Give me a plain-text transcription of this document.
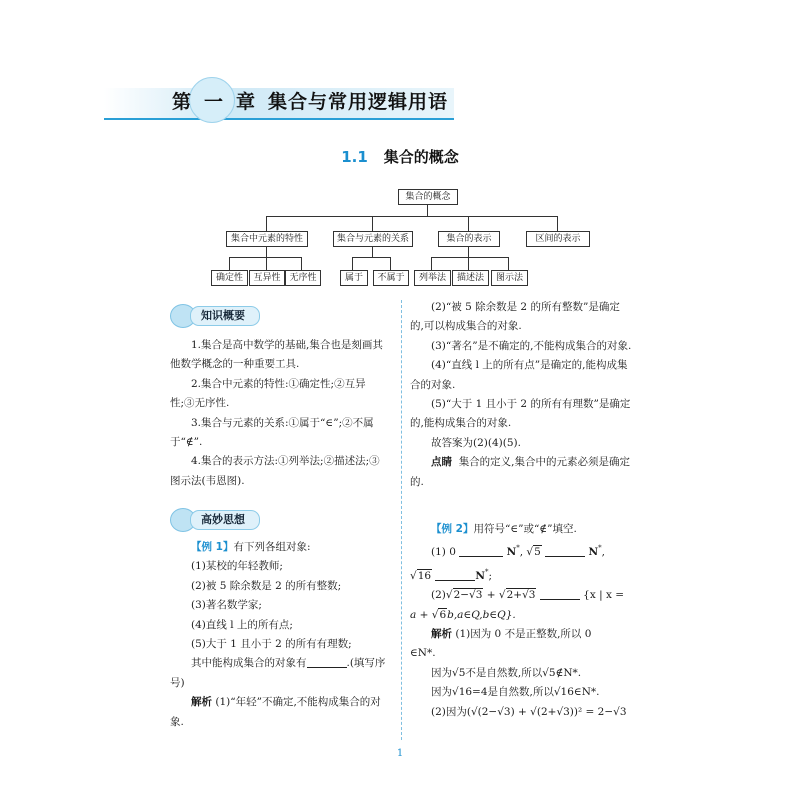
第 一 章 集合与常用逻辑用语
1.1 集合的概念
集合的概念
集合中元素的特性	集合与元素的关系	集合的表示	区间的表示
确定性	互异性 无序性	属于	不属于	列举法	描述法	图示法
知识概要

1.集合是高中数学的基础,集合也是刻画其他数学概念的一种重要工具.

2.集合中元素的特性:①确定性;②互异性;③无序性.

3.集合与元素的关系:①属于“∈”;②不属于“∉”.

4.集合的表示方法:①列举法;②描述法;③图示法(韦恩图).

高妙思想

【例 1】有下列各组对象:

(1)某校的年轻教师;

(2)被 5 除余数是 2 的所有整数;

(3)著名数学家;

(4)直线 l 上的所有点;

(5)大于 1 且小于 2 的所有有理数;

其中能构成集合的对象有	.(填写序号)

解析 (1)“年轻”不确定,不能构成集合的对象.

(2)“被 5 除余数是 2 的所有整数”是确定的,可以构成集合的对象.

(3)“著名”是不确定的,不能构成集合的对象.

(4)“直线 l 上的所有点”是确定的,能构成集合的对象.

(5)“大于 1 且小于 2 的所有有理数”是确定的,能构成集合的对象.

故答案为(2)(4)(5).

点睛 集合的定义,集合中的元素必须是确定的.

【例 2】用符号“∈”或“∉”填空.

(1) 0	N*, √5	N*,

√16	N*;

(2)√2−√3 + √2+√3	{x | x =

a + √6b,a∈Q,b∈Q}.

解析 (1)因为 0 不是正整数,所以 0

∈N*.

因为√5不是自然数,所以√5∉N*.

因为√16=4是自然数,所以√16∈N*.

(2)因为(√(2−√3) + √(2+√3))² = 2−√3

1
